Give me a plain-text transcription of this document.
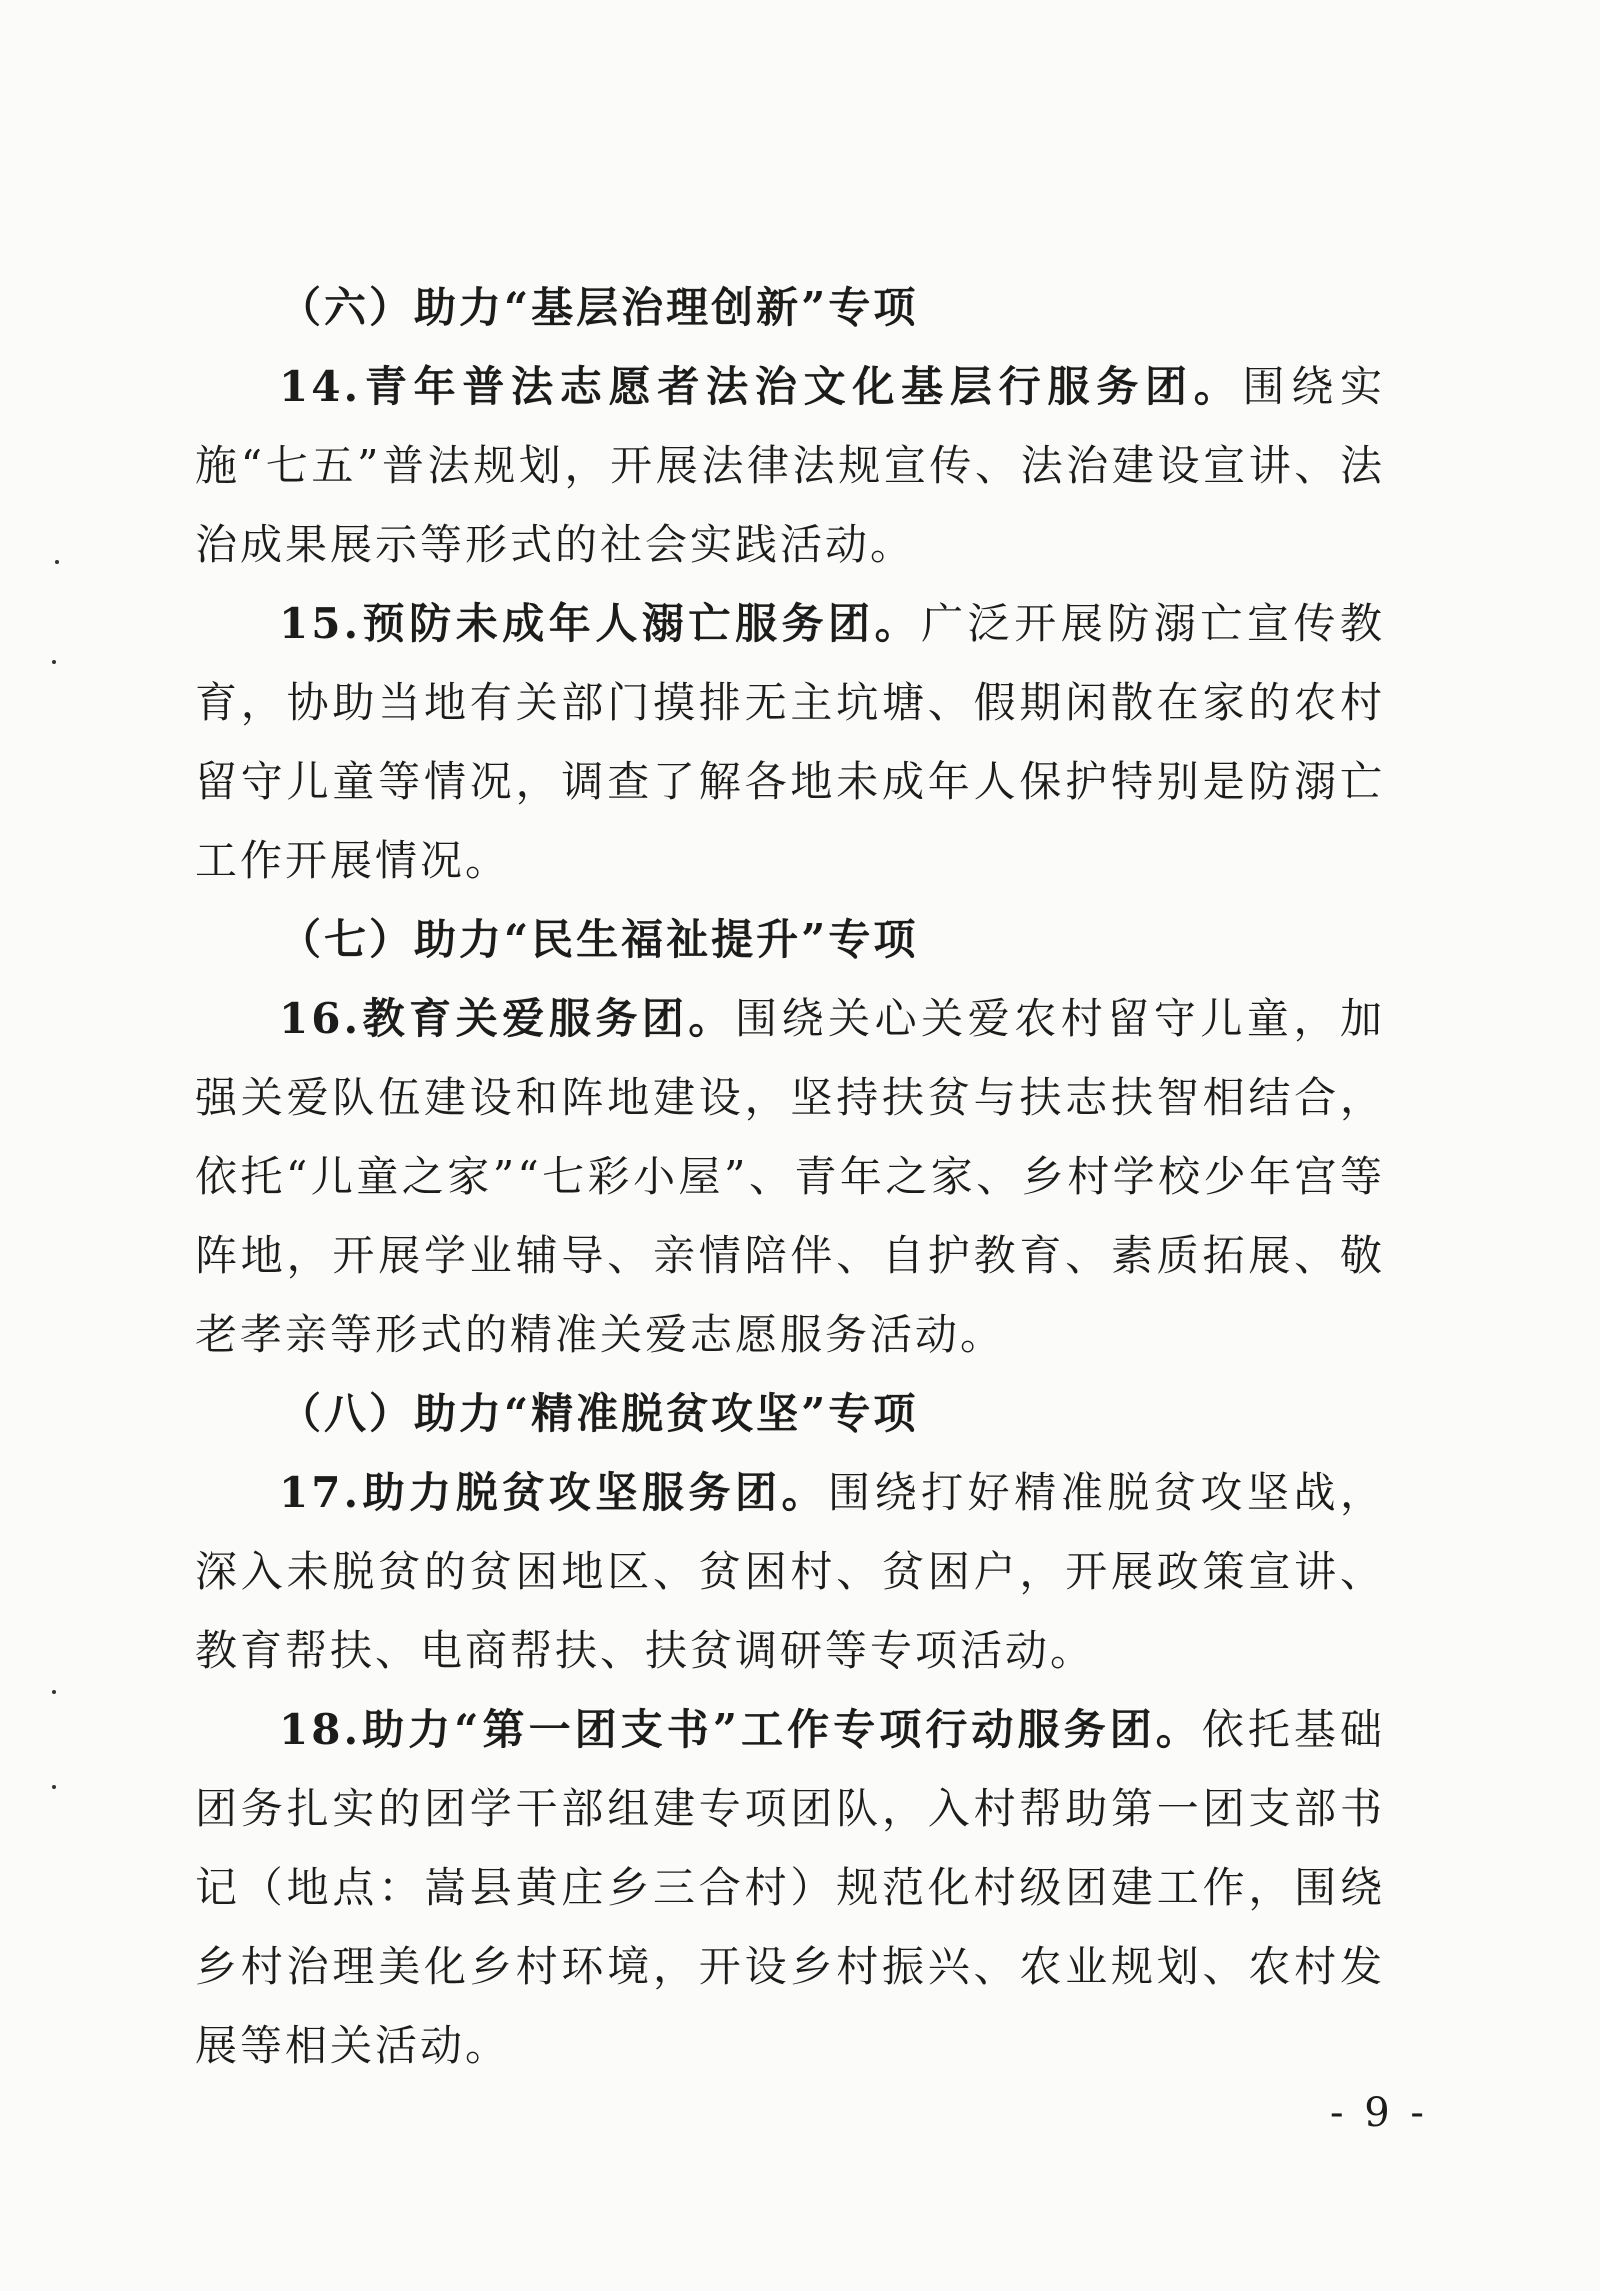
（六）助力“基层治理创新”专项

14.青年普法志愿者法治文化基层行服务团。围绕实施“七五”普法规划，开展法律法规宣传、法治建设宣讲、法治成果展示等形式的社会实践活动。

15.预防未成年人溺亡服务团。广泛开展防溺亡宣传教育，协助当地有关部门摸排无主坑塘、假期闲散在家的农村留守儿童等情况，调查了解各地未成年人保护特别是防溺亡工作开展情况。

（七）助力“民生福祉提升”专项

16.教育关爱服务团。围绕关心关爱农村留守儿童，加强关爱队伍建设和阵地建设，坚持扶贫与扶志扶智相结合，依托“儿童之家”“七彩小屋”、青年之家、乡村学校少年宫等阵地，开展学业辅导、亲情陪伴、自护教育、素质拓展、敬老孝亲等形式的精准关爱志愿服务活动。

（八）助力“精准脱贫攻坚”专项

17.助力脱贫攻坚服务团。围绕打好精准脱贫攻坚战，深入未脱贫的贫困地区、贫困村、贫困户，开展政策宣讲、教育帮扶、电商帮扶、扶贫调研等专项活动。

18.助力“第一团支书”工作专项行动服务团。依托基础团务扎实的团学干部组建专项团队，入村帮助第一团支部书记（地点：嵩县黄庄乡三合村）规范化村级团建工作，围绕乡村治理美化乡村环境，开设乡村振兴、农业规划、农村发展等相关活动。

- 9 -
